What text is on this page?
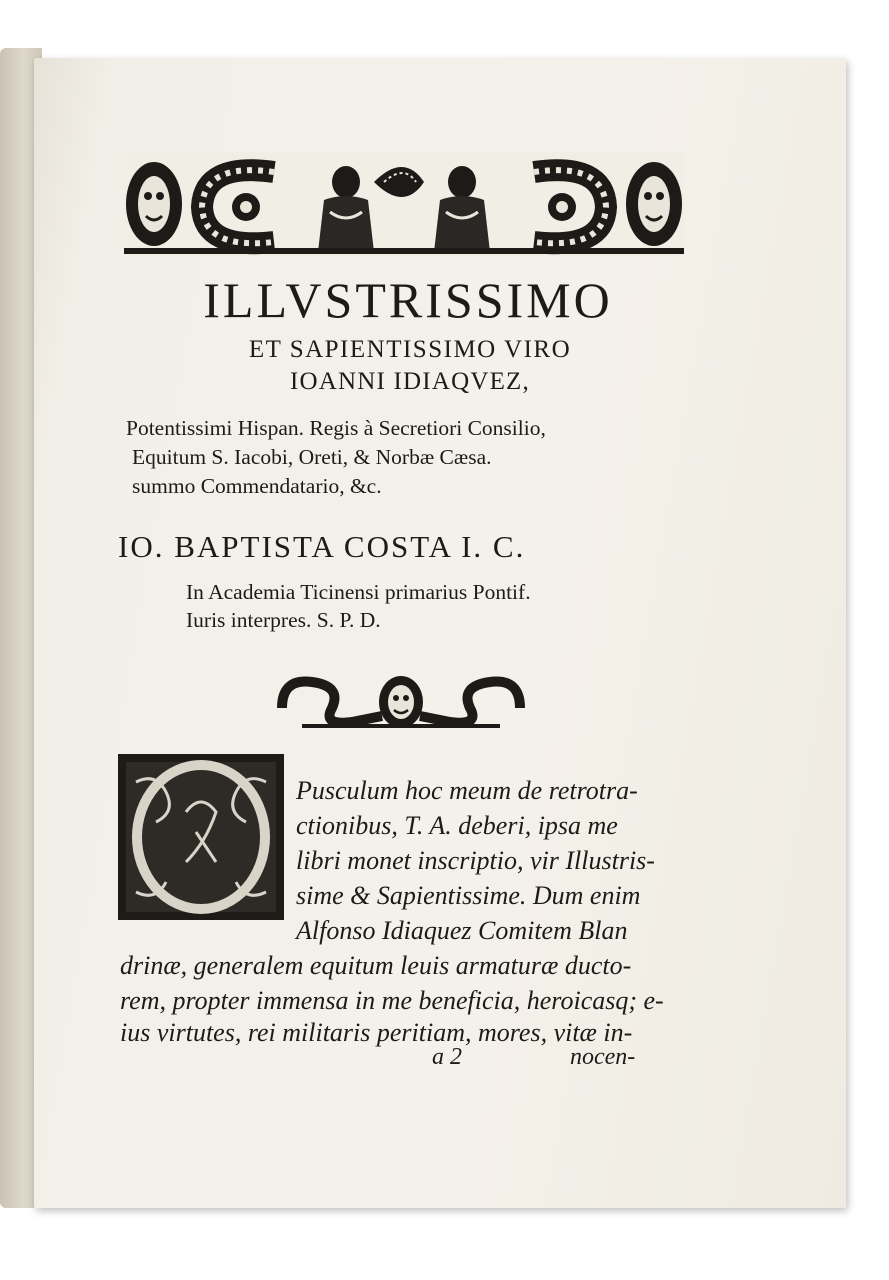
ILLVSTRISSIMO
ET SAPIENTISSIMO VIRO
IOANNI IDIAQVEZ,
Potentissimi Hispan. Regis à Secretiori Consilio,
Equitum S. Iacobi, Oreti, & Norbæ Cæsa.
summo Commendatario, &c.
IO. BAPTISTA COSTA I. C.
In Academia Ticinensi primarius Pontif.
Iuris interpres. S. P. D.
Pusculum hoc meum de retrotra-
ctionibus, T. A. deberi, ipsa me
libri monet inscriptio, vir Illustris-
sime & Sapientissime. Dum enim
Alfonso Idiaquez Comitem Blan
drinæ, generalem equitum leuis armaturæ ducto-
rem, propter immensa in me beneficia, heroicasq; e-
ius virtutes, rei militaris peritiam, mores, vitæ in-
a 2	nocen-
